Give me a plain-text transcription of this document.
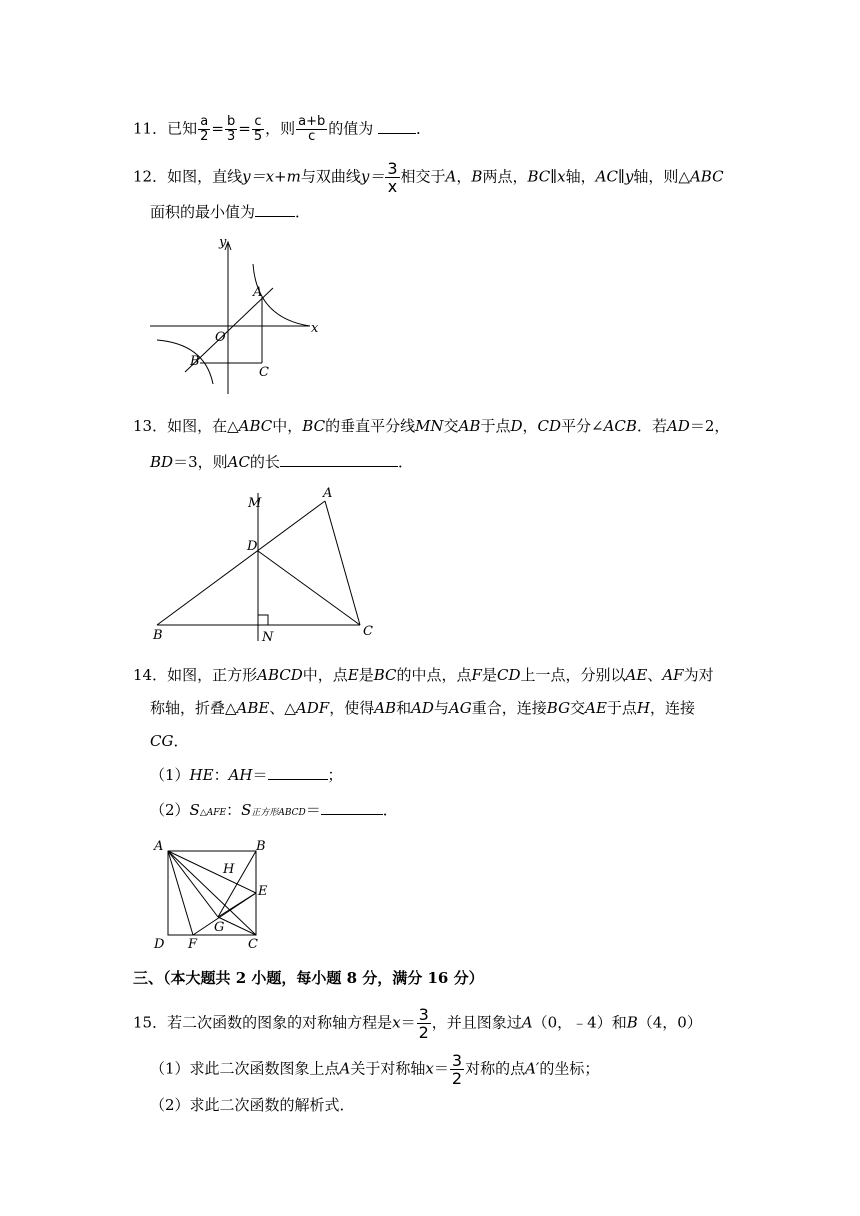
11．已知 $\frac{a}{2} = \frac{b}{3} = \frac{c}{5}$ ，则 $\frac{a+b}{c}$ 的值为	．
12．如图，直线y＝x+m与双曲线$y= \frac{3}{x}$ 相交于A，B两点，BC∥x轴，AC∥y轴，则△ABC
面积的最小值为	．
y
x
O
A
B
C
13．如图，在△ABC中，BC的垂直平分线MN交AB于点D，CD平分∠ACB．若AD＝2，
BD＝3，则AC的长	．
M
A
D
B	N	C
14．如图，正方形ABCD中，点E是BC的中点，点F是CD上一点，分别以AE、AF为对
称轴，折叠△ABE、△ADF，使得AB和AD与AG重合，连接BG交AE于点H，连接
CG．
（1）HE：AH＝	；
（2）S△AFE：S正方形ABCD＝	．
A	B
H
E
G
D F	C
三、（本大题共 2 小题，每小题 8 分，满分 16 分）
15．若二次函数的图象的对称轴方程是$x= \frac{3}{2}$ ，并且图象过A（0，﹣4）和B（4，0）
（1）求此二次函数图象上点A关于对称轴$x= \frac{3}{2}$ 对称的点A′的坐标；
（2）求此二次函数的解析式．
